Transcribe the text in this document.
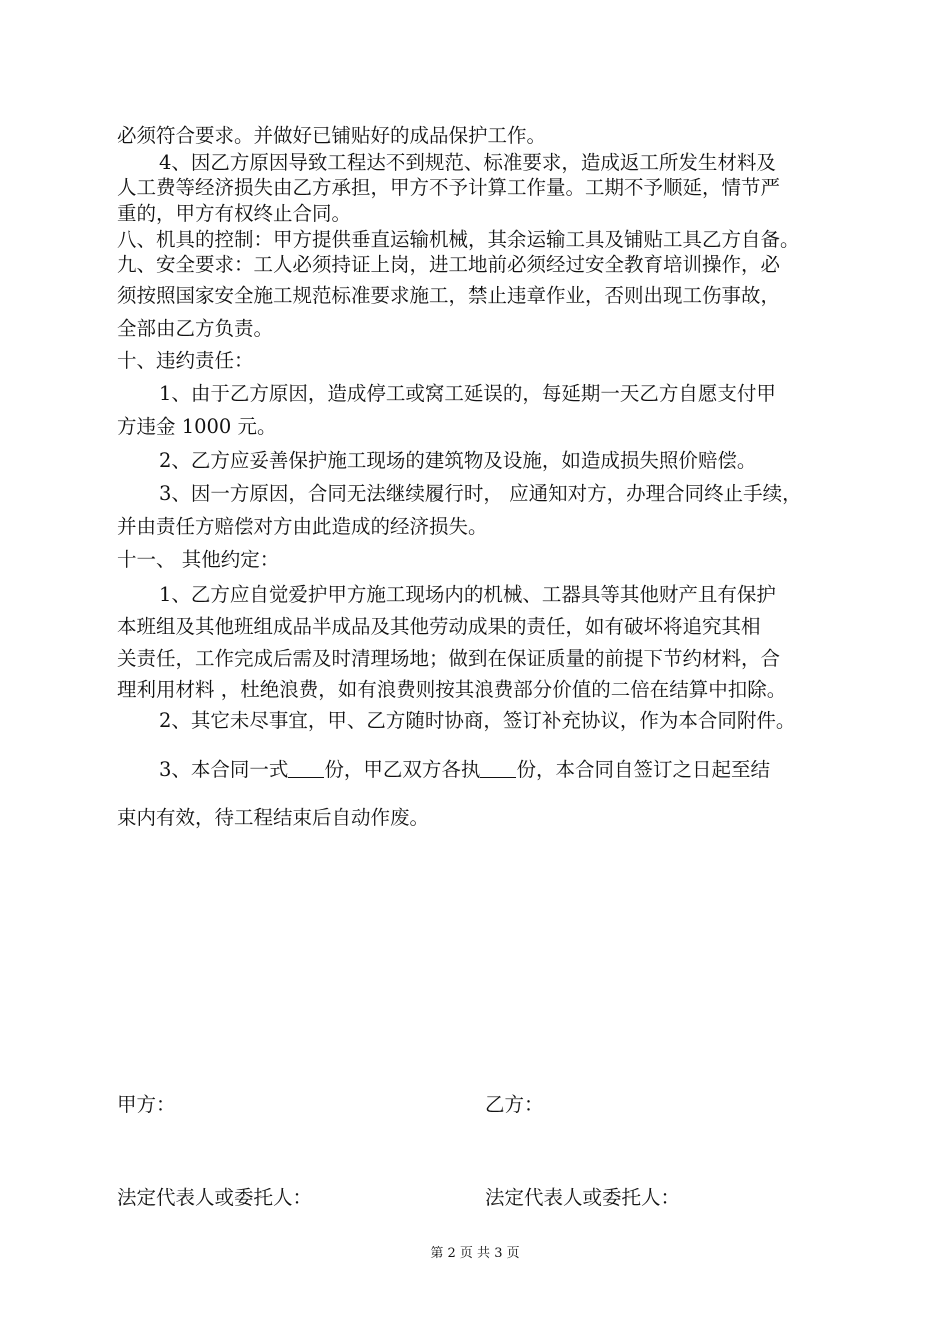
必须符合要求。并做好已铺贴好的成品保护工作。
4、因乙方原因导致工程达不到规范、标准要求，造成返工所发生材料及
人工费等经济损失由乙方承担，甲方不予计算工作量。工期不予顺延，情节严
重的，甲方有权终止合同。
八、机具的控制：甲方提供垂直运输机械，其余运输工具及铺贴工具乙方自备。
九、安全要求：工人必须持证上岗，进工地前必须经过安全教育培训操作，必
须按照国家安全施工规范标准要求施工，禁止违章作业，否则出现工伤事故，
全部由乙方负责。
十、违约责任：
1、由于乙方原因，造成停工或窝工延误的，每延期一天乙方自愿支付甲
方违金 1000 元。
2、乙方应妥善保护施工现场的建筑物及设施，如造成损失照价赔偿。
3、因一方原因，合同无法继续履行时， 应通知对方，办理合同终止手续，
并由责任方赔偿对方由此造成的经济损失。
十一、 其他约定：
1、乙方应自觉爱护甲方施工现场内的机械、工器具等其他财产且有保护
本班组及其他班组成品半成品及其他劳动成果的责任，如有破坏将追究其相
关责任，工作完成后需及时清理场地；做到在保证质量的前提下节约材料，合
理利用材料 ，杜绝浪费，如有浪费则按其浪费部分价值的二倍在结算中扣除。
2、其它未尽事宜，甲、乙方随时协商，签订补充协议，作为本合同附件。
3、本合同一式 份，甲乙双方各执 份，本合同自签订之日起至结
束内有效，待工程结束后自动作废。
甲方：	乙方：
法定代表人或委托人：	法定代表人或委托人：
第 2 页 共 3 页
